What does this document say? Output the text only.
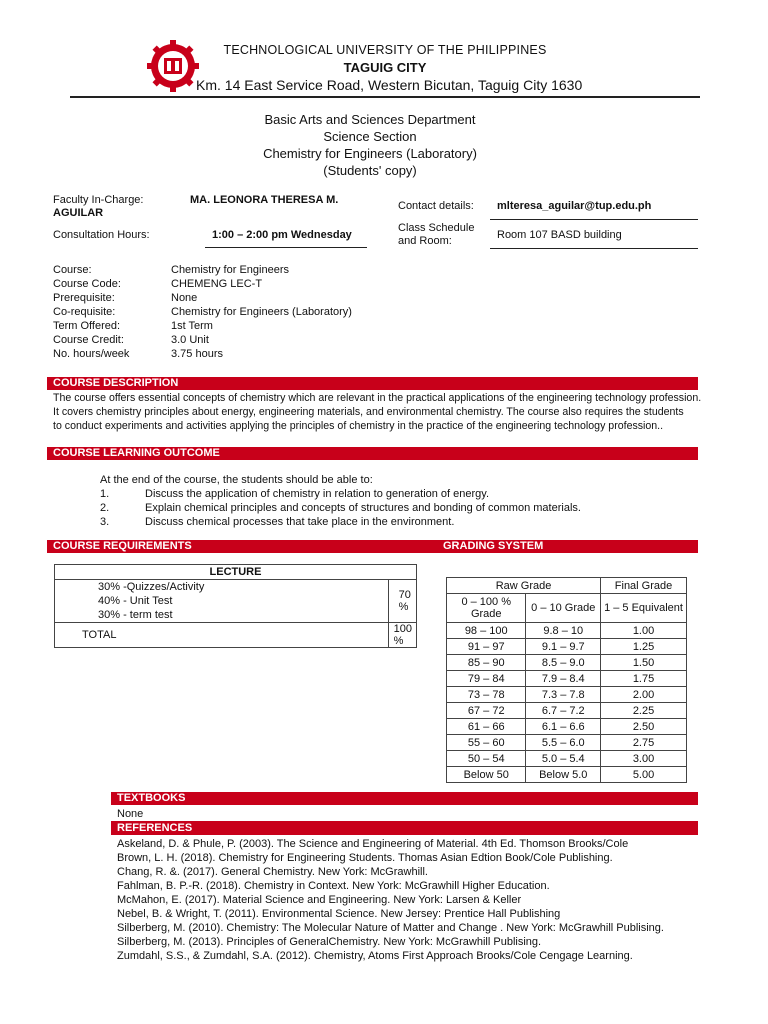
TECHNOLOGICAL UNIVERSITY OF THE PHILIPPINES
TAGUIG CITY
Km. 14 East Service Road, Western Bicutan, Taguig City 1630
Basic Arts and Sciences Department
Science Section
Chemistry for Engineers (Laboratory)
(Students' copy)
Faculty In-Charge:	MA. LEONORA THERESA M.
AGUILAR
Contact details: mlteresa_aguilar@tup.edu.ph
Consultation Hours:	1:00 – 2:00 pm Wednesday
Class Schedule
and Room:	Room 107 BASD building
Course:	Chemistry for Engineers
Course Code:	CHEMENG LEC-T
Prerequisite:	None
Co-requisite:	Chemistry for Engineers (Laboratory)
Term Offered:	1st Term
Course Credit:	3.0 Unit
No. hours/week	3.75 hours
COURSE DESCRIPTION
The course offers essential concepts of chemistry which are relevant in the practical applications of the engineering technology profession.
It covers chemistry principles about energy, engineering materials, and environmental chemistry. The course also requires the students
to conduct experiments and activities applying the principles of chemistry in the practice of the engineering technology profession..
COURSE LEARNING OUTCOME
At the end of the course, the students should be able to:
1.	Discuss the application of chemistry in relation to generation of energy.
2.	Explain chemical principles and concepts of structures and bonding of common materials.
3.	Discuss chemical processes that take place in the environment.
COURSE REQUIREMENTS	GRADING SYSTEM
LECTURE	

30% -Quizzes/Activity
40% - Unit Test
30% - term test	70 %
TOTAL	100 %
Raw Grade		Final Grade

0 – 100 %
Grade	0 – 10 Grade	1 – 5 Equivalent
98 – 100	9.8 – 10	1.00
91 – 97	9.1 – 9.7	1.25
85 – 90	8.5 – 9.0	1.50
79 – 84	7.9 – 8.4	1.75
73 – 78	7.3 – 7.8	2.00
67 – 72	6.7 – 7.2	2.25
61 – 66	6.1 – 6.6	2.50
55 – 60	5.5 – 6.0	2.75
50 – 54	5.0 – 5.4	3.00
Below 50	Below 5.0	5.00
TEXTBOOKS
None
REFERENCES
Askeland, D. & Phule, P. (2003). The Science and Engineering of Material. 4th Ed. Thomson Brooks/Cole
Brown, L. H. (2018). Chemistry for Engineering Students. Thomas Asian Edtion Book/Cole Publishing.
Chang, R. &. (2017). General Chemistry. New York: McGrawhill.
Fahlman, B. P.-R. (2018). Chemistry in Context. New York: McGrawhill Higher Education.
McMahon, E. (2017). Material Science and Engineering. New York: Larsen & Keller
Nebel, B. & Wright, T. (2011). Environmental Science. New Jersey: Prentice Hall Publishing
Silberberg, M. (2010). Chemistry: The Molecular Nature of Matter and Change . New York: McGrawhill Publising.
Silberberg, M. (2013). Principles of GeneralChemistry. New York: McGrawhill Publising.
Zumdahl, S.S., & Zumdahl, S.A. (2012). Chemistry, Atoms First Approach Brooks/Cole Cengage Learning.
